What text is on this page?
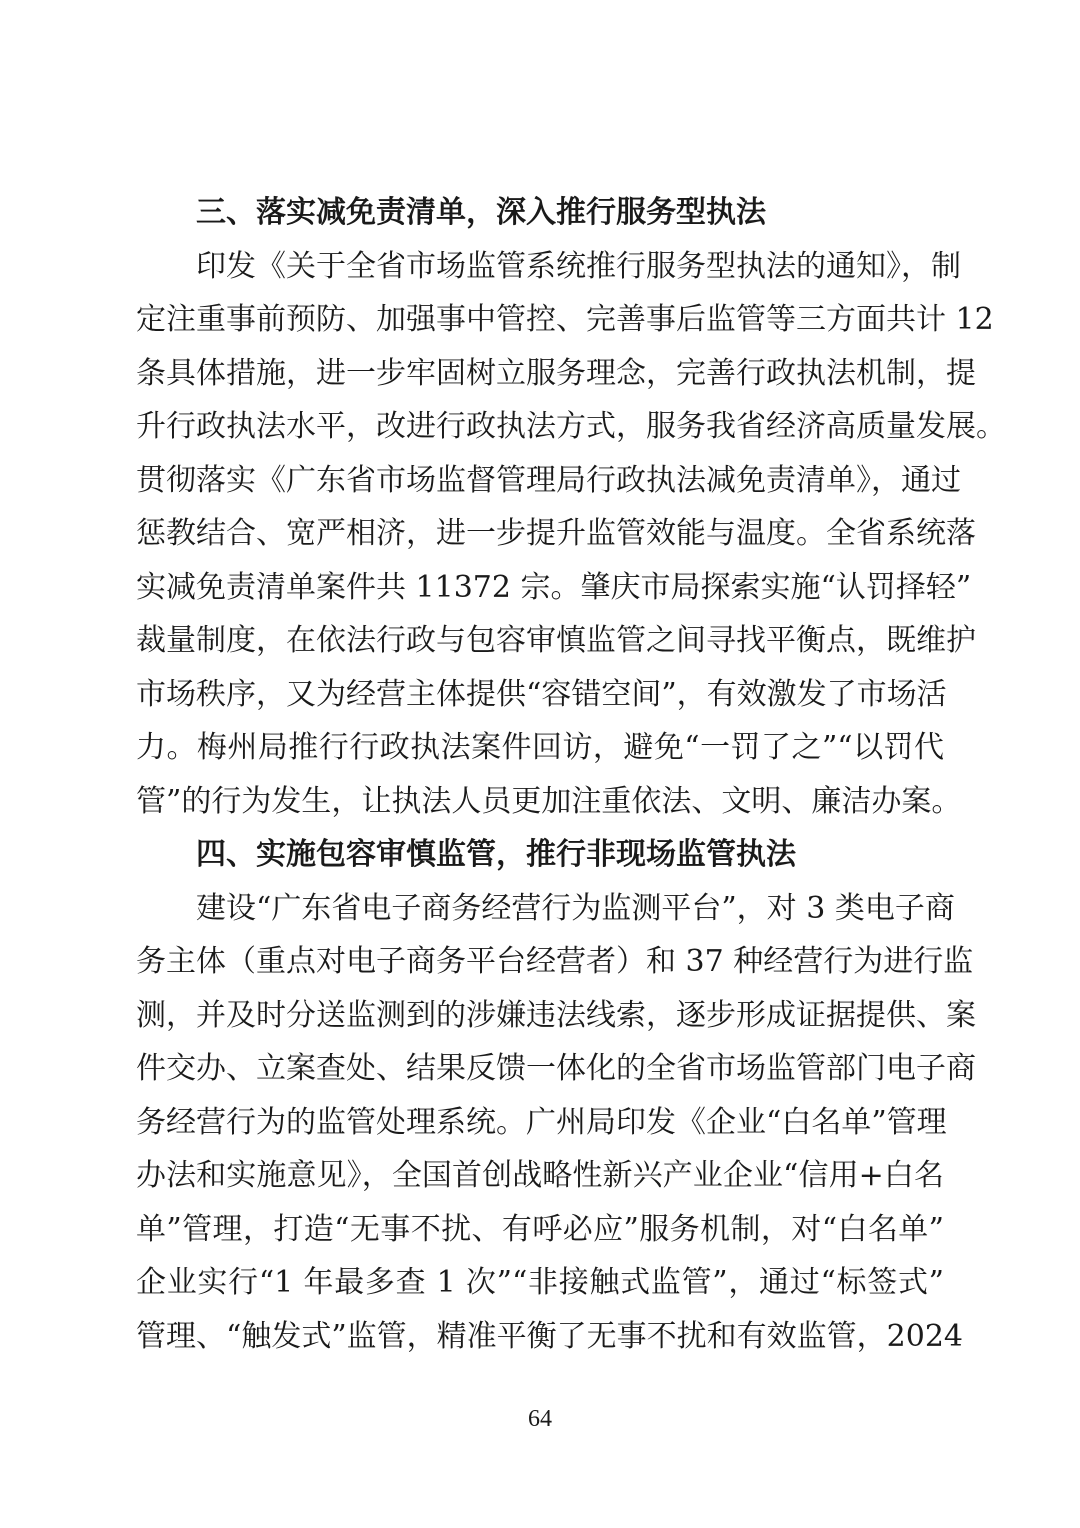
三、落实减免责清单，深入推行服务型执法
印发《关于全省市场监管系统推行服务型执法的通知》，制
定注重事前预防、加强事中管控、完善事后监管等三方面共计 12
条具体措施，进一步牢固树立服务理念，完善行政执法机制，提
升行政执法水平，改进行政执法方式，服务我省经济高质量发展。
贯彻落实《广东省市场监督管理局行政执法减免责清单》，通过
惩教结合、宽严相济，进一步提升监管效能与温度。全省系统落
实减免责清单案件共 11372 宗。肇庆市局探索实施“认罚择轻”
裁量制度，在依法行政与包容审慎监管之间寻找平衡点，既维护
市场秩序，又为经营主体提供“容错空间”，有效激发了市场活
力。梅州局推行行政执法案件回访，避免“一罚了之”“以罚代
管”的行为发生，让执法人员更加注重依法、文明、廉洁办案。
四、实施包容审慎监管，推行非现场监管执法
建设“广东省电子商务经营行为监测平台”，对 3 类电子商
务主体（重点对电子商务平台经营者）和 37 种经营行为进行监
测，并及时分送监测到的涉嫌违法线索，逐步形成证据提供、案
件交办、立案查处、结果反馈一体化的全省市场监管部门电子商
务经营行为的监管处理系统。广州局印发《企业“白名单”管理
办法和实施意见》，全国首创战略性新兴产业企业“信用+白名
单”管理，打造“无事不扰、有呼必应”服务机制，对“白名单”
企业实行“1 年最多查 1 次”“非接触式监管”，通过“标签式”
管理、“触发式”监管，精准平衡了无事不扰和有效监管，2024
64
